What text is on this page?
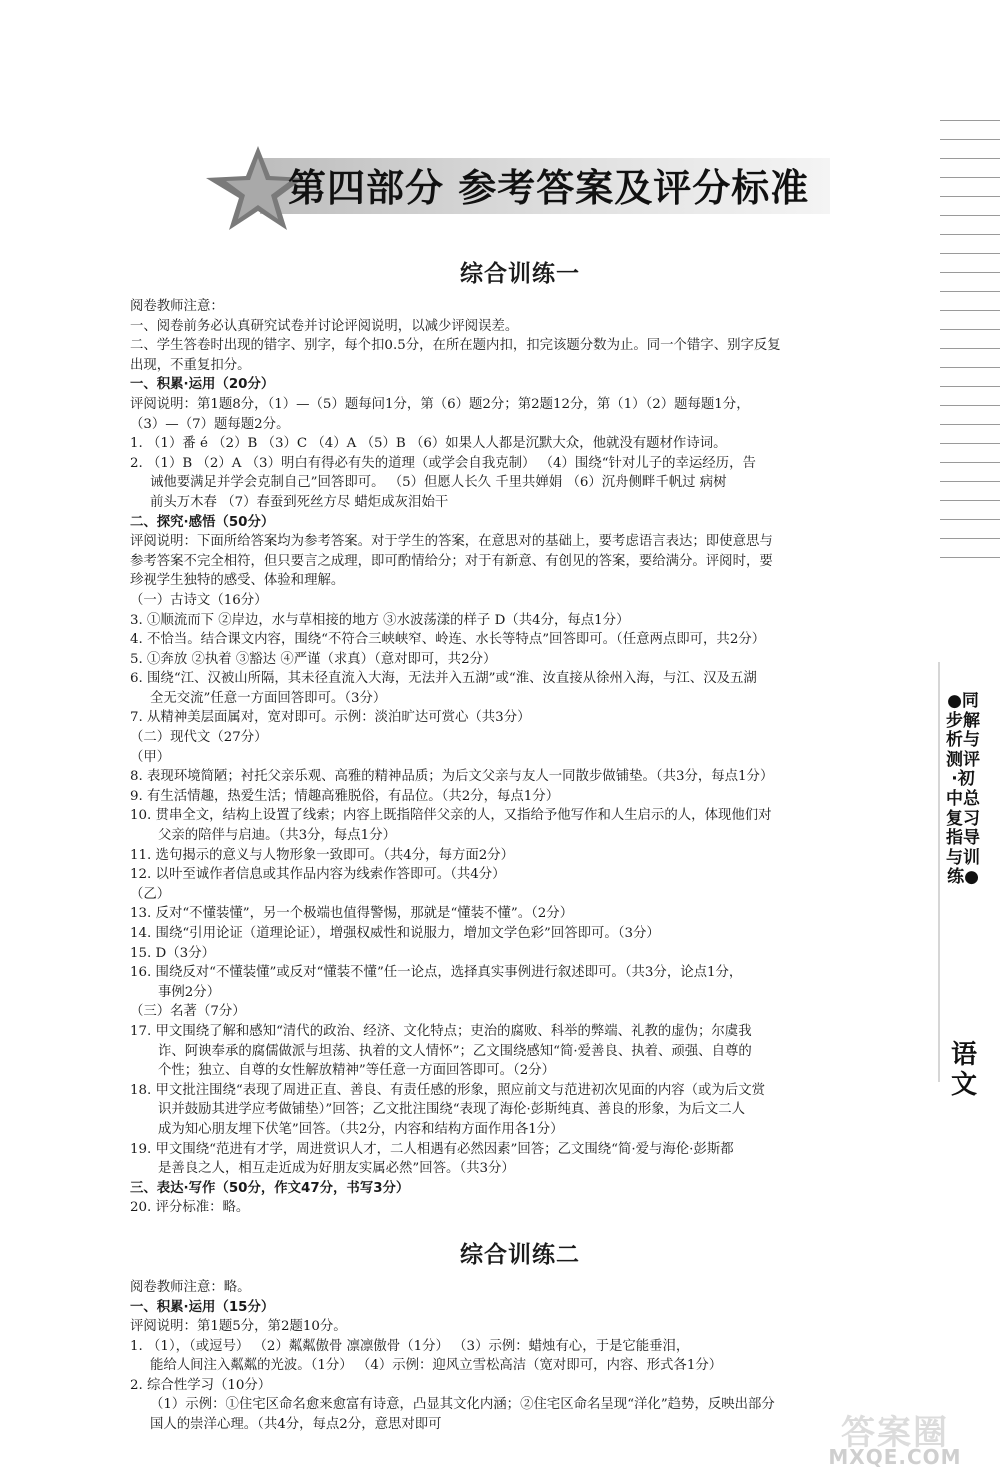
第四部分 参考答案及评分标准
●同步解析与测评·初中总复习指导与训练●
语文
综合训练一
阅卷教师注意：
一、阅卷前务必认真研究试卷并讨论评阅说明，以减少评阅误差。
二、学生答卷时出现的错字、别字，每个扣0.5分，在所在题内扣，扣完该题分数为止。同一个错字、别字反复
出现，不重复扣分。
一、积累·运用（20分）
评阅说明：第1题8分，（1）—（5）题每问1分，第（6）题2分；第2题12分，第（1）（2）题每题1分，
（3）—（7）题每题2分。
1. （1）番 é （2）B （3）C （4）A （5）B （6）如果人人都是沉默大众，他就没有题材作诗词。
2. （1）B （2）A （3）明白有得必有失的道理（或学会自我克制） （4）围绕“针对儿子的幸运经历，告
诫他要满足并学会克制自己”回答即可。 （5）但愿人长久 千里共婵娟 （6）沉舟侧畔千帆过 病树
前头万木春 （7）春蚕到死丝方尽 蜡炬成灰泪始干
二、探究·感悟（50分）
评阅说明：下面所给答案均为参考答案。对于学生的答案，在意思对的基础上，要考虑语言表达；即使意思与
参考答案不完全相符，但只要言之成理，即可酌情给分；对于有新意、有创见的答案，要给满分。评阅时，要
珍视学生独特的感受、体验和理解。
（一）古诗文（16分）
3. ①顺流而下 ②岸边，水与草相接的地方 ③水波荡漾的样子 D（共4分，每点1分）
4. 不恰当。结合课文内容，围绕“不符合三峡峡窄、岭连、水长等特点”回答即可。（任意两点即可，共2分）
5. ①奔放 ②执着 ③豁达 ④严谨（求真）（意对即可，共2分）
6. 围绕“江、汉被山所隔，其未径直流入大海，无法并入五湖”或“淮、汝直接从徐州入海，与江、汉及五湖
全无交流”任意一方面回答即可。（3分）
7. 从精神美层面属对，宽对即可。示例：淡泊旷达可赏心（共3分）
（二）现代文（27分）
（甲）
8. 表现环境简陋；衬托父亲乐观、高雅的精神品质；为后文父亲与友人一同散步做铺垫。（共3分，每点1分）
9. 有生活情趣，热爱生活；情趣高雅脱俗，有品位。（共2分，每点1分）
10. 贯串全文，结构上设置了线索；内容上既指陪伴父亲的人，又指给予他写作和人生启示的人，体现他们对
父亲的陪伴与启迪。（共3分，每点1分）
11. 选句揭示的意义与人物形象一致即可。（共4分，每方面2分）
12. 以叶至诚作者信息或其作品内容为线索作答即可。（共4分）
（乙）
13. 反对“不懂装懂”，另一个极端也值得警惕，那就是“懂装不懂”。（2分）
14. 围绕“引用论证（道理论证），增强权威性和说服力，增加文学色彩”回答即可。（3分）
15. D（3分）
16. 围绕反对“不懂装懂”或反对“懂装不懂”任一论点，选择真实事例进行叙述即可。（共3分，论点1分，
事例2分）
（三）名著（7分）
17. 甲文围绕了解和感知“清代的政治、经济、文化特点；吏治的腐败、科举的弊端、礼教的虚伪；尔虞我
诈、阿谀奉承的腐儒做派与坦荡、执着的文人情怀”；乙文围绕感知“简·爱善良、执着、顽强、自尊的
个性；独立、自尊的女性解放精神”等任意一方面回答即可。（2分）
18. 甲文批注围绕“表现了周进正直、善良、有责任感的形象，照应前文与范进初次见面的内容（或为后文赏
识并鼓励其进学应考做铺垫）”回答；乙文批注围绕“表现了海伦·彭斯纯真、善良的形象，为后文二人
成为知心朋友埋下伏笔”回答。（共2分，内容和结构方面作用各1分）
19. 甲文围绕“范进有才学，周进赏识人才，二人相遇有必然因素”回答；乙文围绕“简·爱与海伦·彭斯都
是善良之人，相互走近成为好朋友实属必然”回答。（共3分）
三、表达·写作（50分，作文47分，书写3分）
20. 评分标准：略。
综合训练二
阅卷教师注意：略。
一、积累·运用（15分）
评阅说明：第1题5分，第2题10分。
1. （1），（或逗号） （2）粼粼傲骨 凛凛傲骨（1分） （3）示例：蜡烛有心，于是它能垂泪，
能给人间注入粼粼的光波。（1分） （4）示例：迎风立雪松高洁（宽对即可，内容、形式各1分）
2. 综合性学习（10分）
（1）示例：①住宅区命名愈来愈富有诗意，凸显其文化内涵；②住宅区命名呈现“洋化”趋势，反映出部分
国人的崇洋心理。（共4分，每点2分，意思对即可	答案圈
MXQE.COM
